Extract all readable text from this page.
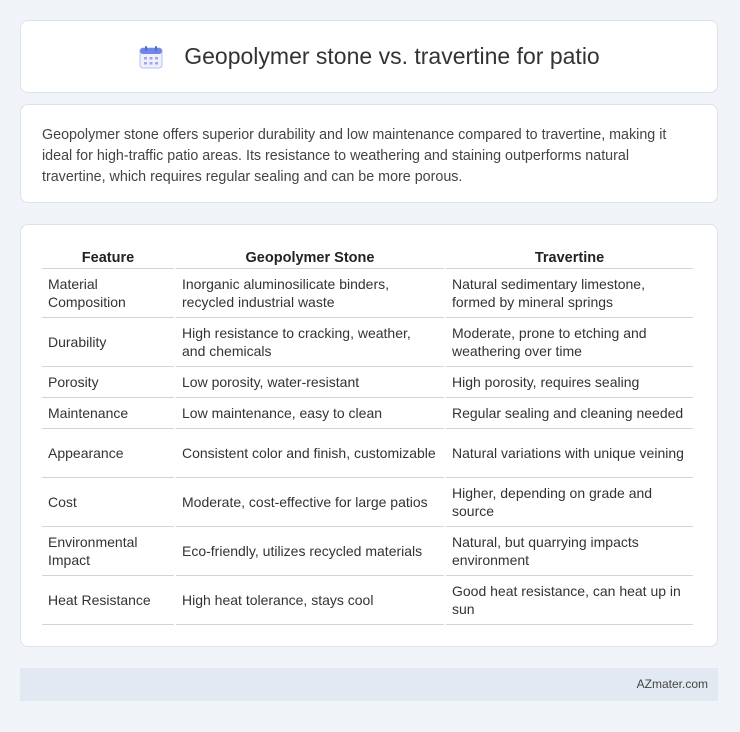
Geopolymer stone vs. travertine for patio

Geopolymer stone offers superior durability and low maintenance compared to travertine, making it ideal for high-traffic patio areas. Its resistance to weathering and staining outperforms natural travertine, which requires regular sealing and can be more porous.

Feature	Geopolymer Stone	Travertine
Material Composition	Inorganic aluminosilicate binders, recycled industrial waste	Natural sedimentary limestone, formed by mineral springs
Durability	High resistance to cracking, weather, and chemicals	Moderate, prone to etching and weathering over time
Porosity	Low porosity, water-resistant	High porosity, requires sealing
Maintenance	Low maintenance, easy to clean	Regular sealing and cleaning needed
Appearance	Consistent color and finish, customizable	Natural variations with unique veining
Cost	Moderate, cost-effective for large patios	Higher, depending on grade and source
Environmental Impact	Eco-friendly, utilizes recycled materials	Natural, but quarrying impacts environment
Heat Resistance	High heat tolerance, stays cool	Good heat resistance, can heat up in sun
AZmater.com
